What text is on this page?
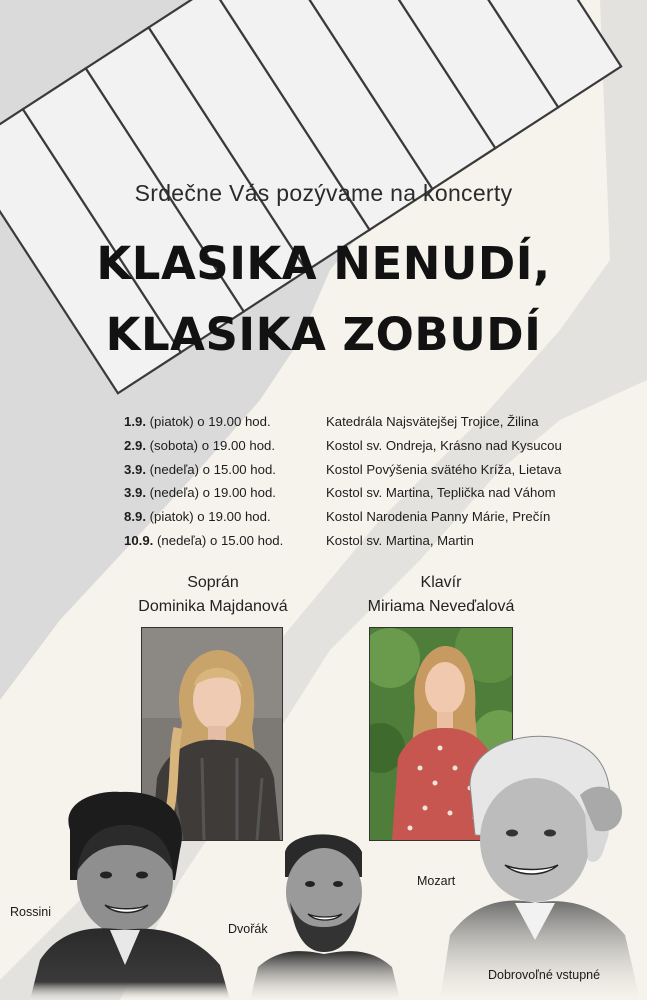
Srdečne Vás pozývame na koncerty
KLASIKA NENUDÍ,
KLASIKA ZOBUDÍ
1.9. (piatok) o 19.00 hod.	Katedrála Najsvätejšej Trojice, Žilina
2.9. (sobota) o 19.00 hod.	Kostol sv. Ondreja, Krásno nad Kysucou
3.9. (nedeľa) o 15.00 hod.	Kostol Povýšenia svätého Kríža, Lietava
3.9. (nedeľa) o 19.00 hod.	Kostol sv. Martina, Teplička nad Váhom
8.9. (piatok) o 19.00 hod.	Kostol Narodenia Panny Márie, Prečín
10.9. (nedeľa) o 15.00 hod.	Kostol sv. Martina, Martin
Soprán
Dominika Majdanová
Klavír
Miriama Neveďalová
Rossini
Dvořák
Mozart
Dobrovoľné vstupné
